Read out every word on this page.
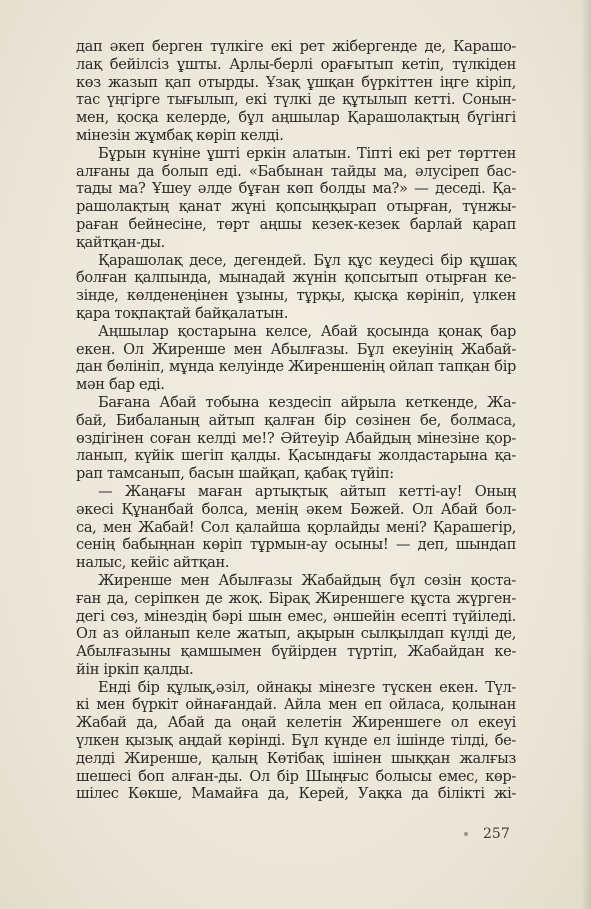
дап әкеп берген түлкіге екі рет жібергенде де, Карашо-
лақ бейілсіз ұшты. Арлы-берлі орағытып кетіп, түлкіден
көз жазып қап отырды. Ұзақ ұшқан бүркіттен іңге кіріп,
тас үңгірге тығылып, екі түлкі де құтылып кетті. Сонын-
мен, қосқа келерде, бұл аңшылар Қарашолақтың бүгінгі
мінезін жұмбақ көріп келді.
Бұрын күніне ұшті еркін алатын. Тіпті екі рет төрттен
алғаны да болып еді. «Бабынан тайды ма, әлусіреп бас-
тады ма? Ұшеу әлде бұған көп болды ма?» — деседі. Қа-
рашолақтың қанат жүні қопсыңқырап отырған, түнжы-
раған бейнесіне, төрт аңшы кезек-кезек барлай қарап
қайтқан-ды.
Қарашолақ десе, дегендей. Бұл құс кеудесі бір құшақ
болған қалпында, мынадай жүнін қопсытып отырған ке-
зінде, көлденеңінен ұзыны, тұрқы, қысқа көрініп, үлкен
қара тоқпақтай байқалатын.
Аңшылар қостарына келсе, Абай қосында қонақ бар
екен. Ол Жиренше мен Абылғазы. Бұл екеуінің Жабай-
дан бөлініп, мұнда келуінде Жиреншенің ойлап тапқан бір
мән бар еді.
Бағана Абай тобына кездесіп айрыла кеткенде, Жа-
бай, Бибаланың айтып қалған бір сөзінен бе, болмаса,
өздігінен соған келді ме!? Әйтеуір Абайдың мінезіне қор-
ланып, күйік шегіп қалды. Қасындағы жолдастарына қа-
рап тамсанып, басын шайқап, қабақ түйіп:
— Жаңағы маған артықтық айтып кетті-ау! Оның
әкесі Құнанбай болса, менің әкем Бөжей. Ол Абай бол-
са, мен Жабай! Сол қалайша қорлайды мені? Қарашегір,
сенің бабыңнан көріп тұрмын-ау осыны! — деп, шындап
налыс, кейіс айтқан.
Жиренше мен Абылғазы Жабайдың бұл сөзін қоста-
ған да, серіпкен де жоқ. Бірақ Жиреншеге құста жүрген-
дегі сөз, мінездің бәрі шын емес, әншейін есепті түйіледі.
Ол аз ойланып келе жатып, ақырын сылқылдап күлді де,
Абылғазыны қамшымен бүйірден түртіп, Жабайдан ке-
йін іркіп қалды.
Енді бір құлық,әзіл, ойнақы мінезге түскен екен. Түл-
кі мен бүркіт ойнағандай. Айла мен еп ойласа, қолынан
Жабай да, Абай да оңай келетін Жиреншеге ол екеуі
үлкен қызық аңдай көрінді. Бұл күнде ел ішінде тілді, бе-
делді Жиренше, қалың Көтібақ ішінен шыққан жалғыз
шешесі боп алған-ды. Ол бір Шыңғыс болысы емес, көр-
шілес Көкше, Мамайға да, Керей, Уақка да білікті жі-
257
